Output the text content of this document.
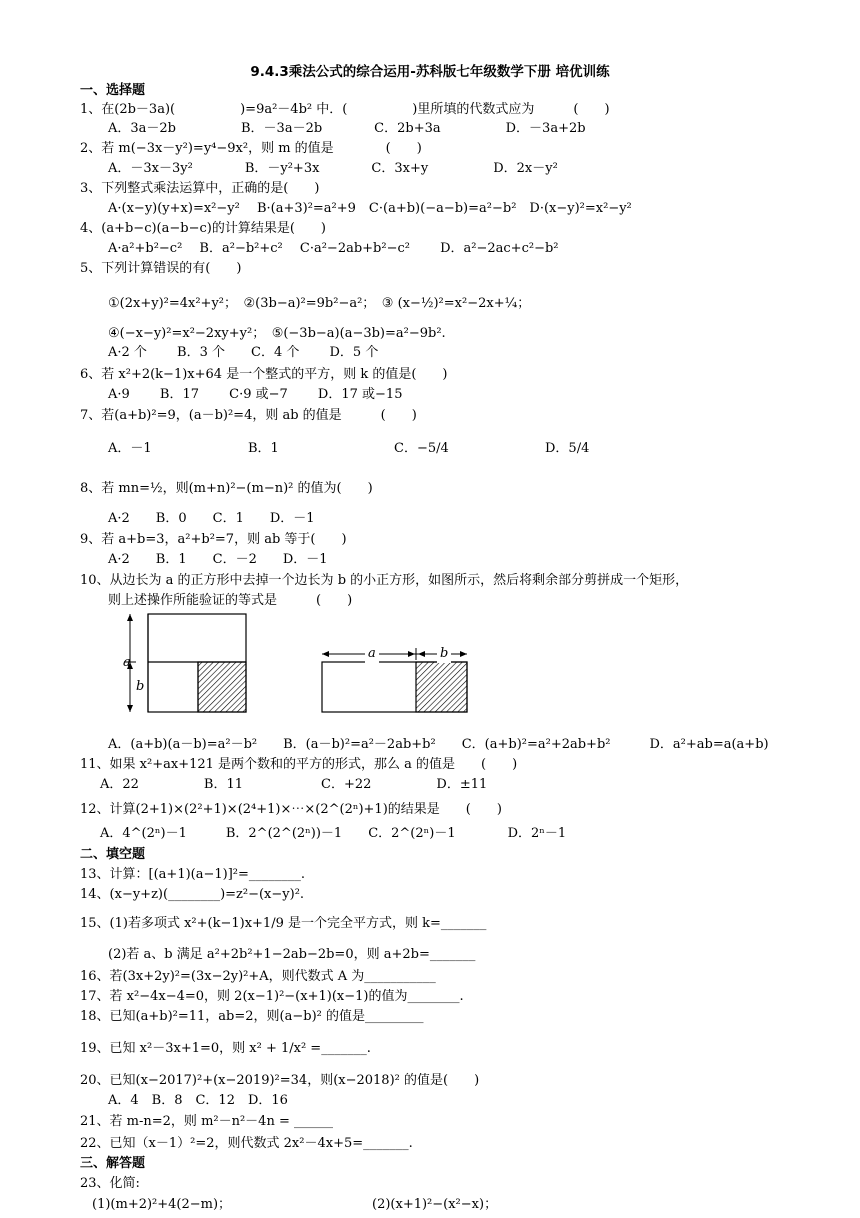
9.4.3乘法公式的综合运用-苏科版七年级数学下册 培优训练
一、选择题
1、在(2b－3a)(　　　　　)=9a²－4b² 中．(　　　　　)里所填的代数式应为　　　(　　)
A．3a－2b　　　　　B．－3a－2b　　　　C．2b+3a　　　　　D．－3a+2b
2、若 m(−3x－y²)=y⁴−9x²，则 m 的值是　　　　(　　)
A．－3x－3y²　　　　B．－y²+3x　　　　C．3x+y　　　　　D．2x－y²
3、下列整式乘法运算中，正确的是(　　)
A·(x−y)(y+x)=x²−y²　 B·(a+3)²=a²+9　C·(a+b)(−a−b)=a²−b²　D·(x−y)²=x²−y²
4、(a+b−c)(a−b−c)的计算结果是(　　)
A·a²+b²−c²　 B．a²−b²+c²　 C·a²−2ab+b²−c²　　 D．a²−2ac+c²−b²
5、下列计算错误的有(　　)
①(2x+y)²=4x²+y²；　②(3b−a)²=9b²−a²；　③ (x−½)²=x²−2x+¼；
④(−x−y)²=x²−2xy+y²；　⑤(−3b−a)(a−3b)=a²−9b².
A·2 个　　 B．3 个　　C．4 个　　 D．5 个
6、若 x²+2(k−1)x+64 是一个整式的平方，则 k 的值是(　　)
A·9　　 B．17　　 C·9 或−7　　 D．17 或−15
7、若(a+b)²=9，(a－b)²=4，则 ab 的值是　　　(　　)
A．－1	B．1	C．−5/4	D．5/4
8、若 mn=½，则(m+n)²−(m−n)² 的值为(　　)
A·2　　B．0　　C．1　　D．－1
9、若 a+b=3，a²+b²=7，则 ab 等于(　　)
A·2　　B．1　　C．－2　　D．－1
10、从边长为 a 的正方形中去掉一个边长为 b 的小正方形，如图所示，然后将剩余部分剪拼成一个矩形，
则上述操作所能验证的等式是　　　(　　)
a
b
a	b
A．(a+b)(a－b)=a²－b²　　B．(a－b)²=a²－2ab+b²　　C．(a+b)²=a²+2ab+b²　　　D．a²+ab=a(a+b)
11、如果 x²+ax+121 是两个数和的平方的形式，那么 a 的值是　　(　　)
A．22　　　　　B．11　　　　　　C．+22　　　　　D．±11
12、计算(2+1)×(2²+1)×(2⁴+1)×⋯×(2^(2ⁿ)+1)的结果是　　(　　)
A．4^(2ⁿ)－1　　　B．2^(2^(2ⁿ))－1　　C．2^(2ⁿ)－1　　　　D．2ⁿ－1
二、填空题
13、计算：[(a+1)(a−1)]²=________.
14、(x−y+z)(________)=z²−(x−y)².
15、(1)若多项式 x²+(k−1)x+1/9 是一个完全平方式，则 k=_______
(2)若 a、b 满足 a²+2b²+1−2ab−2b=0，则 a+2b=_______
16、若(3x+2y)²=(3x−2y)²+A，则代数式 A 为___________
17、若 x²−4x−4=0，则 2(x−1)²−(x+1)(x−1)的值为________.
18、已知(a+b)²=11，ab=2，则(a−b)² 的值是_________
19、已知 x²－3x+1=0，则 x² + 1/x² =_______.
20、已知(x−2017)²+(x−2019)²=34，则(x−2018)² 的值是(　　)
A．4　B．8　C．12　D．16
21、若 m-n=2，则 m²－n²－4n = ______
22、已知（x－1）²=2，则代数式 2x²－4x+5=_______.
三、解答题
23、化简:
(1)(m+2)²+4(2−m)；	(2)(x+1)²−(x²−x)；
